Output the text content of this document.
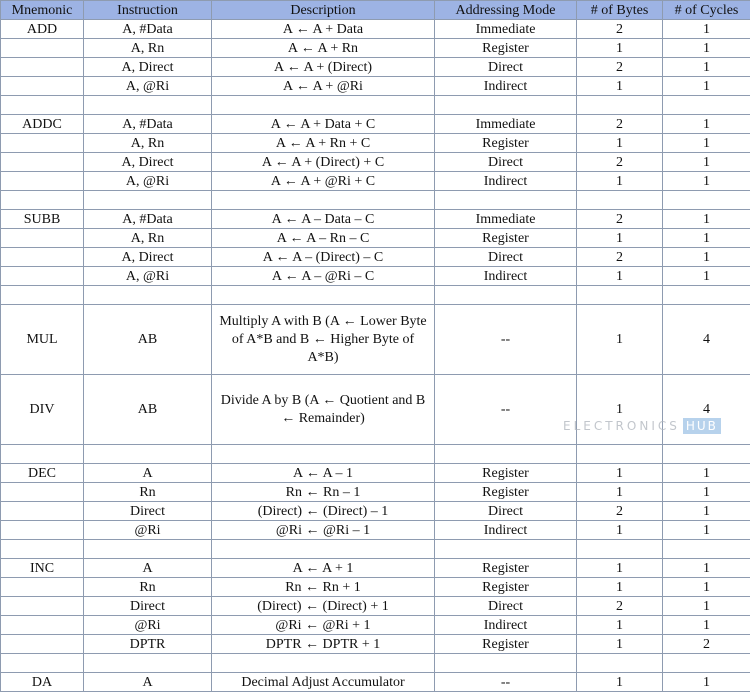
Mnemonic	Instruction	Description	Addressing Mode	# of Bytes	# of Cycles
ADD	A, #Data	A ← A + Data	Immediate	2	1
	A, Rn	A ← A + Rn	Register	1	1
	A, Direct	A ← A + (Direct)	Direct	2	1
	A, @Ri	A ← A + @Ri	Indirect	1	1

ADDC	A, #Data	A ← A + Data + C	Immediate	2	1
	A, Rn	A ← A + Rn + C	Register	1	1
	A, Direct	A ← A + (Direct) + C	Direct	2	1
	A, @Ri	A ← A + @Ri + C	Indirect	1	1

SUBB	A, #Data	A ← A – Data – C	Immediate	2	1
	A, Rn	A ← A – Rn – C	Register	1	1
	A, Direct	A ← A – (Direct) – C	Direct	2	1
	A, @Ri	A ← A – @Ri – C	Indirect	1	1

MUL	AB	Multiply A with B (A ← Lower Byte of A*B and B ← Higher Byte of A*B)	--	1	4
DIV	AB	Divide A by B (A ← Quotient and B ← Remainder)	--	1	4

DEC	A	A ← A – 1	Register	1	1
	Rn	Rn ← Rn – 1	Register	1	1
	Direct	(Direct) ← (Direct) – 1	Direct	2	1
	@Ri	@Ri ← @Ri – 1	Indirect	1	1

INC	A	A ← A + 1	Register	1	1
	Rn	Rn ← Rn + 1	Register	1	1
	Direct	(Direct) ← (Direct) + 1	Direct	2	1
	@Ri	@Ri ← @Ri + 1	Indirect	1	1
	DPTR	DPTR ← DPTR + 1	Register	1	2

DA	A	Decimal Adjust Accumulator	--	1	1
ELECTRONICS HUB
